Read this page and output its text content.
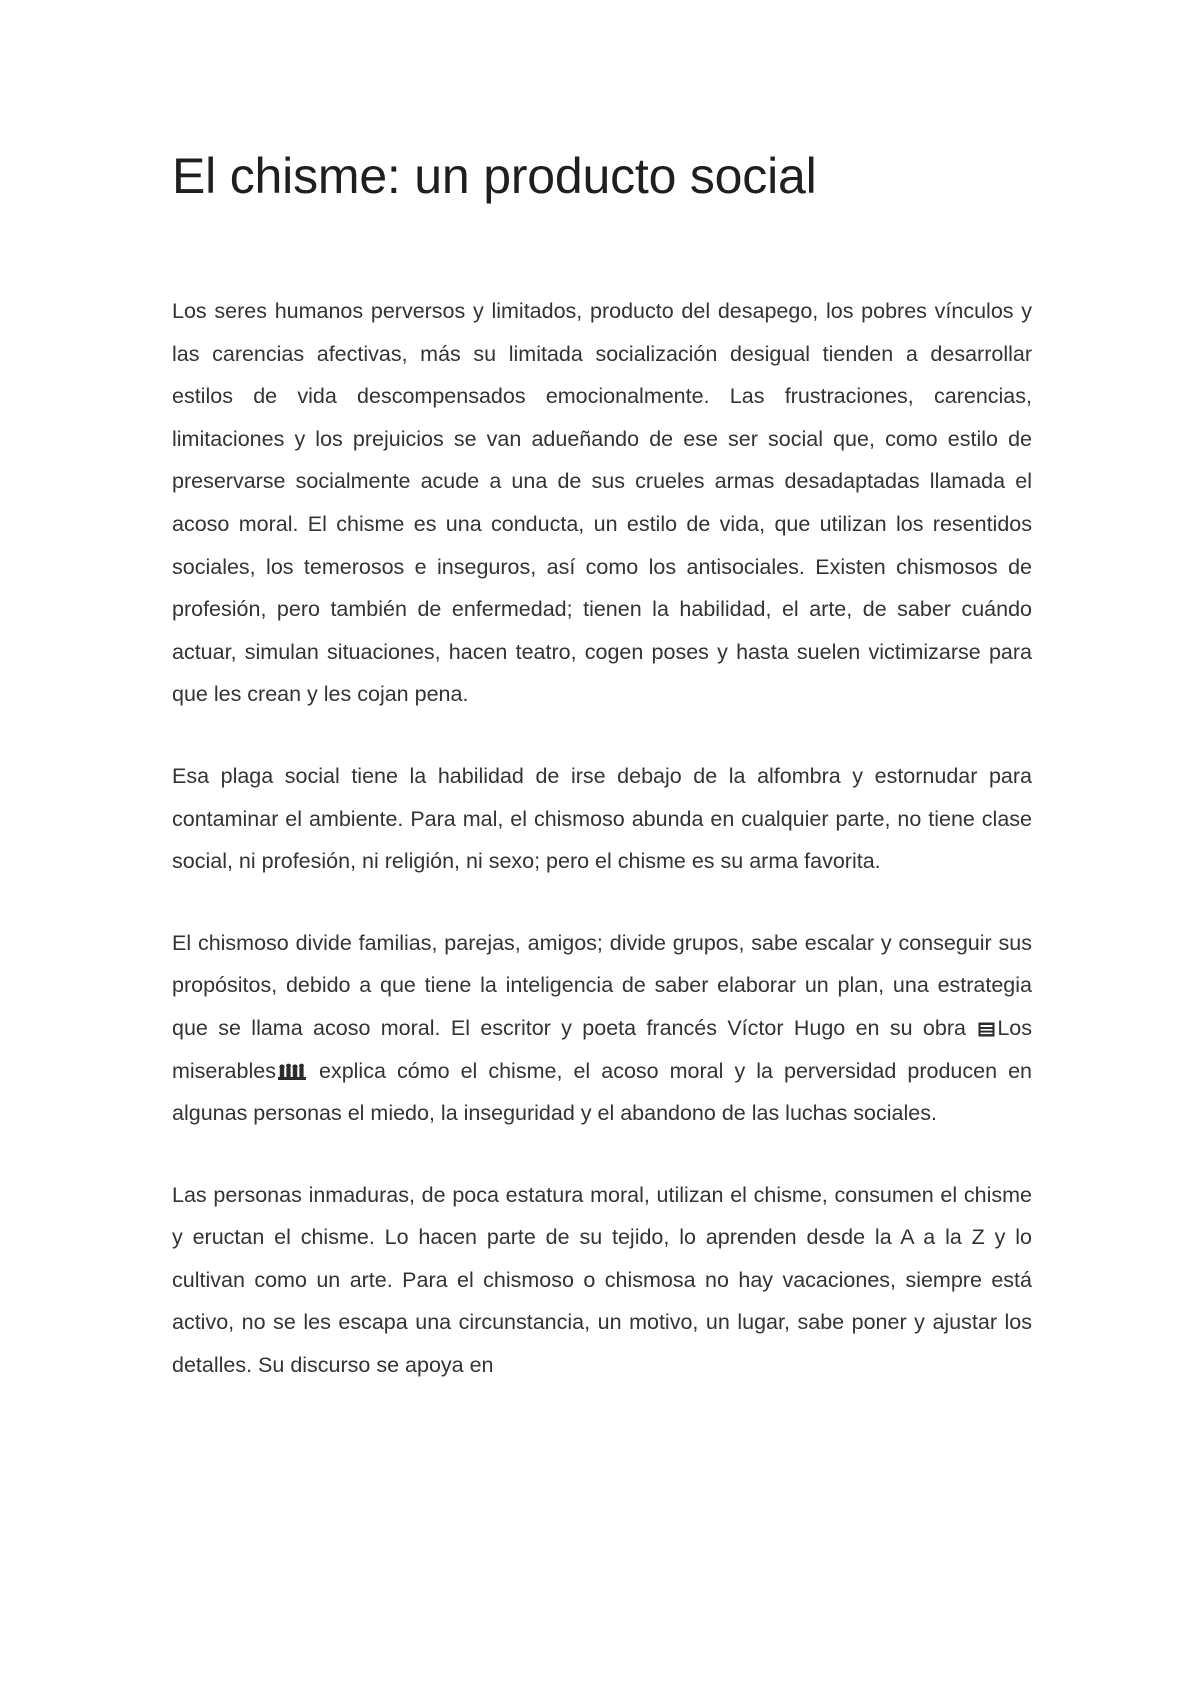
El chisme: un producto social

Los seres humanos perversos y limitados, producto del desapego, los pobres vínculos y las carencias afectivas, más su limitada socialización desigual tienden a desarrollar estilos de vida descompensados emocionalmente. Las frustraciones, carencias, limitaciones y los prejuicios se van adueñando de ese ser social que, como estilo de preservarse socialmente acude a una de sus crueles armas desadaptadas llamada el acoso moral. El chisme es una conducta, un estilo de vida, que utilizan los resentidos sociales, los temerosos e inseguros, así como los antisociales. Existen chismosos de profesión, pero también de enfermedad; tienen la habilidad, el arte, de saber cuándo actuar, simulan situaciones, hacen teatro, cogen poses y hasta suelen victimizarse para que les crean y les cojan pena.

Esa plaga social tiene la habilidad de irse debajo de la alfombra y estornudar para contaminar el ambiente. Para mal, el chismoso abunda en cualquier parte, no tiene clase social, ni profesión, ni religión, ni sexo; pero el chisme es su arma favorita.

El chismoso divide familias, parejas, amigos; divide grupos, sabe escalar y conseguir sus propósitos, debido a que tiene la inteligencia de saber elaborar un plan, una estrategia que se llama acoso moral. El escritor y poeta francés Víctor Hugo en su obra
Los miserables
explica cómo el chisme, el acoso moral y la perversidad producen en algunas personas el miedo, la inseguridad y el abandono de las luchas sociales.

Las personas inmaduras, de poca estatura moral, utilizan el chisme, consumen el chisme y eructan el chisme. Lo hacen parte de su tejido, lo aprenden desde la A a la Z y lo cultivan como un arte. Para el chismoso o chismosa no hay vacaciones, siempre está activo, no se les escapa una circunstancia, un motivo, un lugar, sabe poner y ajustar los detalles. Su discurso se apoya en
